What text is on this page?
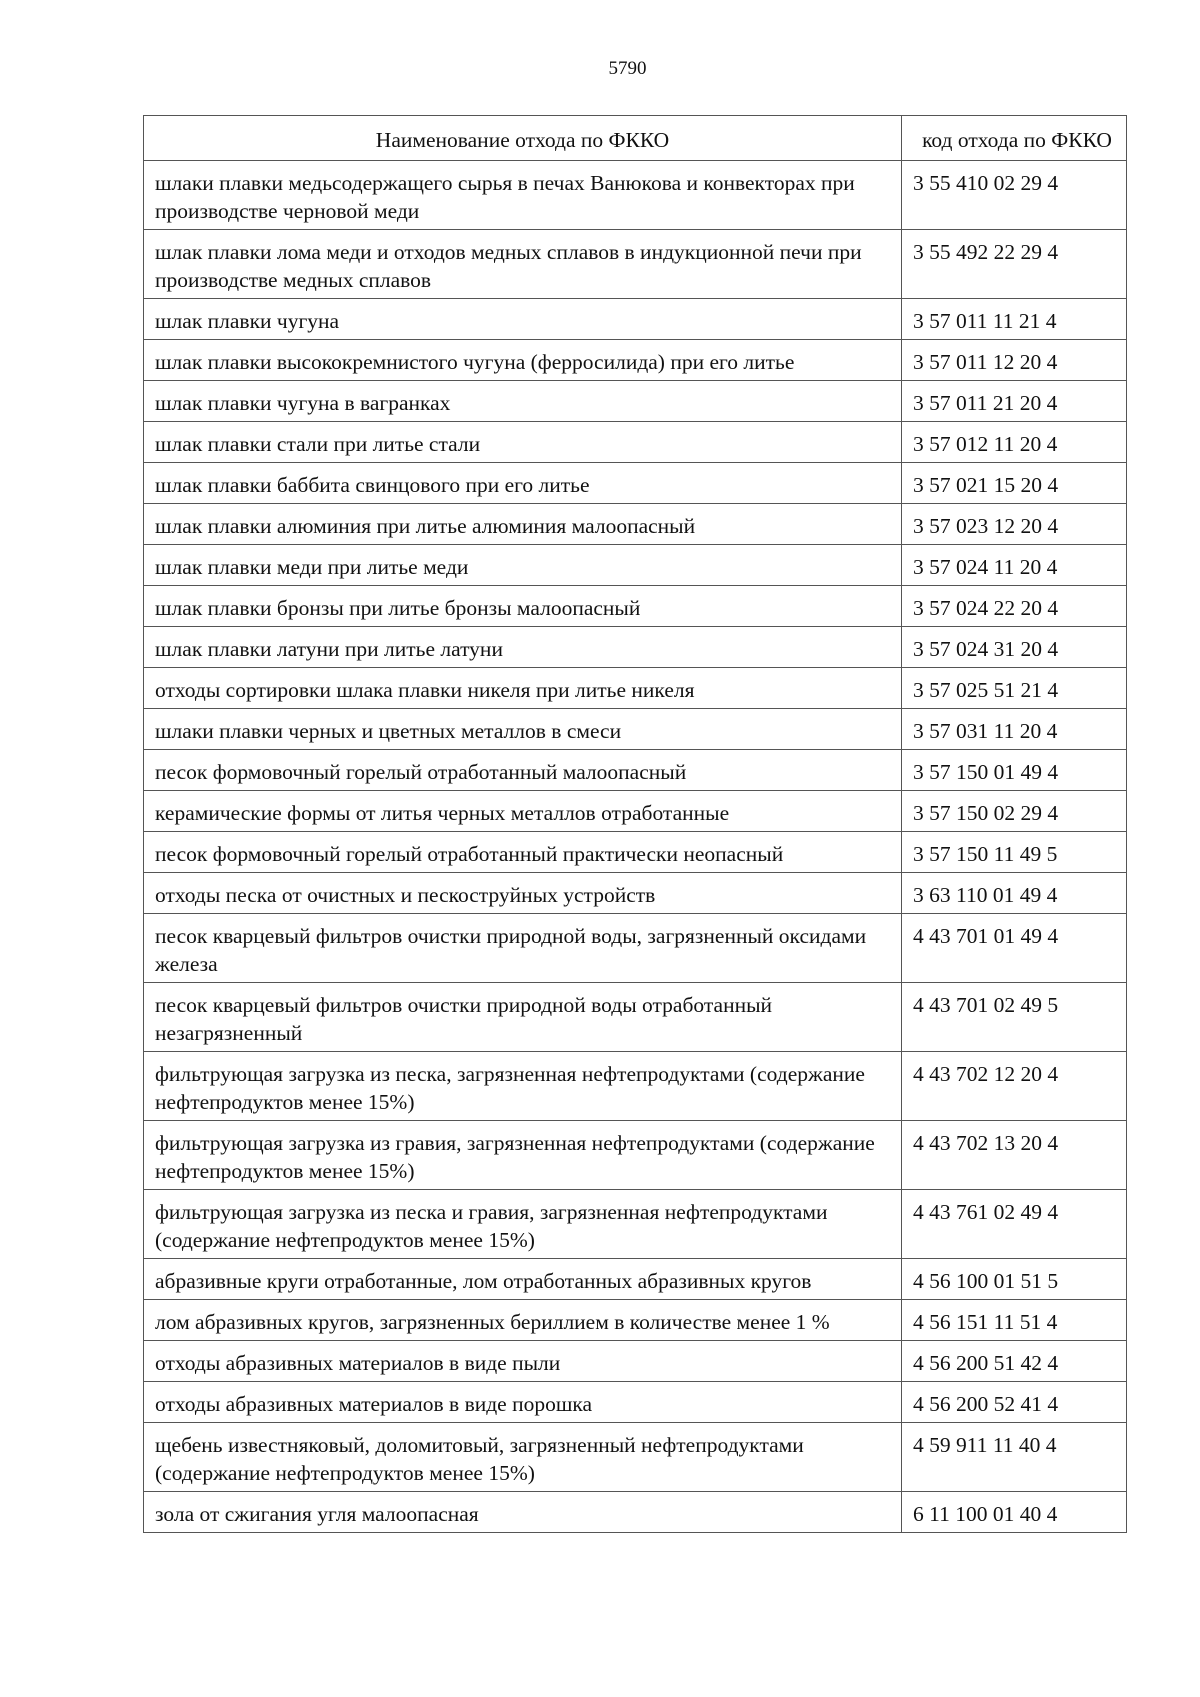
5790
Наименование отхода по ФККО	код отхода по ФККО
шлаки плавки медьсодержащего сырья в печах Ванюкова и конвекторах при производстве черновой меди	3 55 410 02 29 4
шлак плавки лома меди и отходов медных сплавов в индукционной печи при производстве медных сплавов	3 55 492 22 29 4
шлак плавки чугуна	3 57 011 11 21 4
шлак плавки высококремнистого чугуна (ферросилида) при его литье	3 57 011 12 20 4
шлак плавки чугуна в вагранках	3 57 011 21 20 4
шлак плавки стали при литье стали	3 57 012 11 20 4
шлак плавки баббита свинцового при его литье	3 57 021 15 20 4
шлак плавки алюминия при литье алюминия малоопасный	3 57 023 12 20 4
шлак плавки меди при литье меди	3 57 024 11 20 4
шлак плавки бронзы при литье бронзы малоопасный	3 57 024 22 20 4
шлак плавки латуни при литье латуни	3 57 024 31 20 4
отходы сортировки шлака плавки никеля при литье никеля	3 57 025 51 21 4
шлаки плавки черных и цветных металлов в смеси	3 57 031 11 20 4
песок формовочный горелый отработанный малоопасный	3 57 150 01 49 4
керамические формы от литья черных металлов отработанные	3 57 150 02 29 4
песок формовочный горелый отработанный практически неопасный	3 57 150 11 49 5
отходы песка от очистных и пескоструйных устройств	3 63 110 01 49 4
песок кварцевый фильтров очистки природной воды, загрязненный оксидами железа	4 43 701 01 49 4
песок кварцевый фильтров очистки природной воды отработанный незагрязненный	4 43 701 02 49 5
фильтрующая загрузка из песка, загрязненная нефтепродуктами (содержание нефтепродуктов менее 15%)	4 43 702 12 20 4
фильтрующая загрузка из гравия, загрязненная нефтепродуктами (содержание нефтепродуктов менее 15%)	4 43 702 13 20 4
фильтрующая загрузка из песка и гравия, загрязненная нефтепродуктами (содержание нефтепродуктов менее 15%)	4 43 761 02 49 4
абразивные круги отработанные, лом отработанных абразивных кругов	4 56 100 01 51 5
лом абразивных кругов, загрязненных бериллием в количестве менее 1 %	4 56 151 11 51 4
отходы абразивных материалов в виде пыли	4 56 200 51 42 4
отходы абразивных материалов в виде порошка	4 56 200 52 41 4
щебень известняковый, доломитовый, загрязненный нефтепродуктами (содержание нефтепродуктов менее 15%)	4 59 911 11 40 4
зола от сжигания угля малоопасная	6 11 100 01 40 4
